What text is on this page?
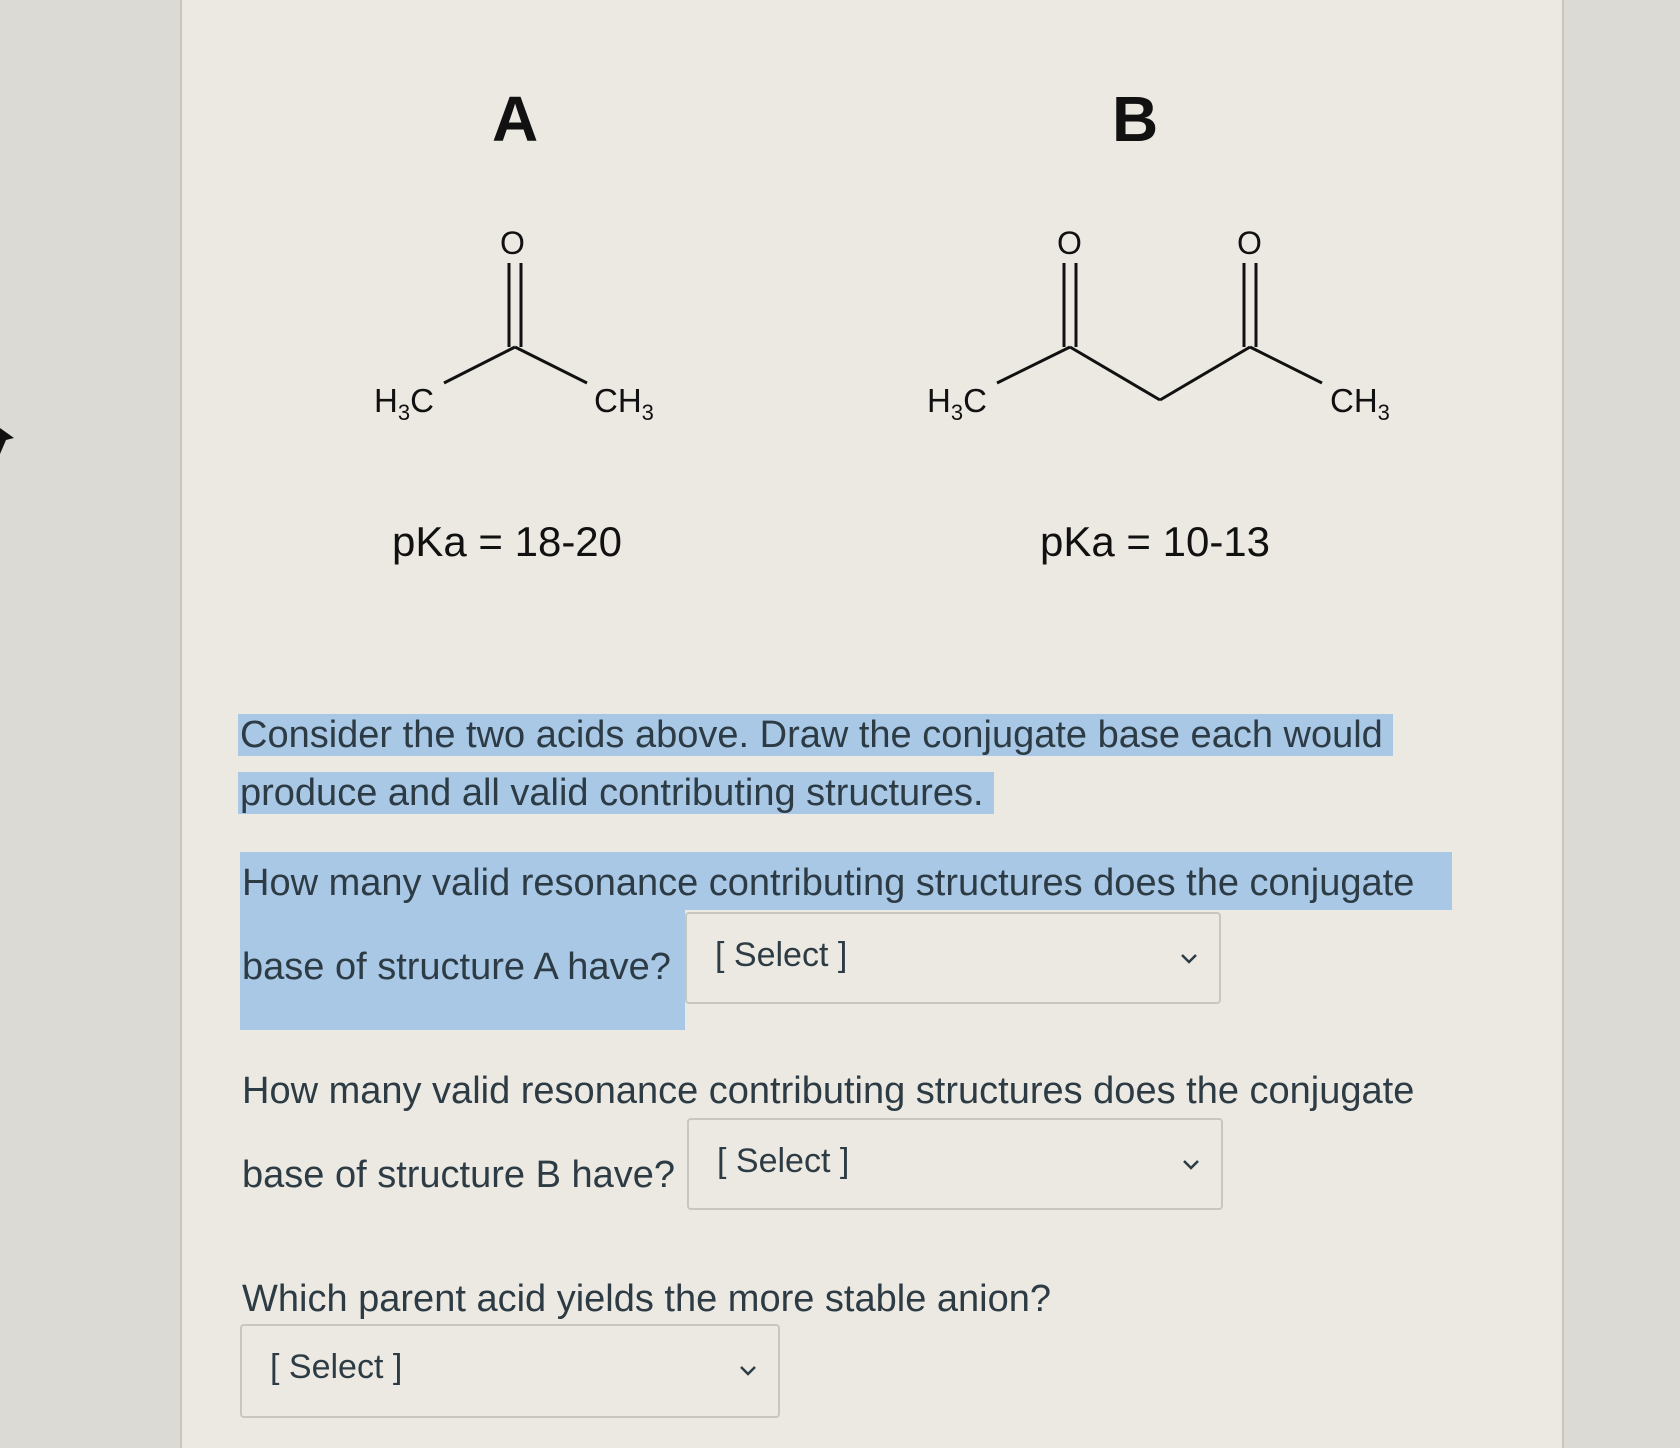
A
O
$H_3C$	$CH_3$
pKa = 18-20
B
O	O
$H_3C$	$CH_3$
pKa = 10-13
Consider the two acids above. Draw the conjugate base each would
produce and all valid contributing structures.
How many valid resonance contributing structures does the conjugate
base of structure A have? [ Select ]
How many valid resonance contributing structures does the conjugate
base of structure B have? [ Select ]
Which parent acid yields the more stable anion?
[ Select ]
